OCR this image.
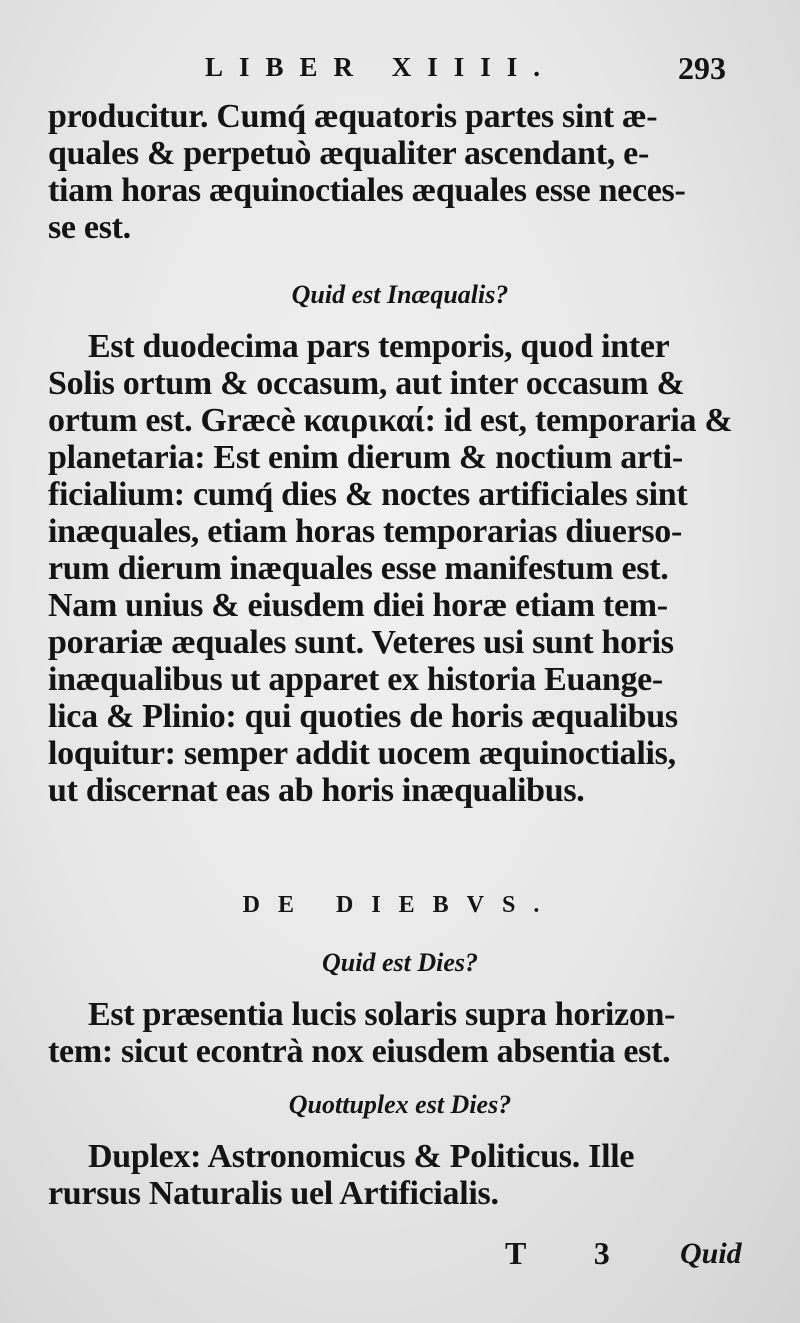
LIBER XIIII.	293
producitur. Cumq́ æquatoris partes sint æ-
quales & perpetuò æqualiter ascendant, e-
tiam horas æquinoctiales æquales esse neces-
se est.
Quid est Inæqualis?
Est duodecima pars temporis, quod inter
Solis ortum & occasum, aut inter occasum &
ortum est. Græcè καιρικαί: id est, temporaria &
planetaria: Est enim dierum & noctium arti-
ficialium: cumq́ dies & noctes artificiales sint
inæquales, etiam horas temporarias diuerso-
rum dierum inæquales esse manifestum est.
Nam unius & eiusdem diei horæ etiam tem-
porariæ æquales sunt. Veteres usi sunt horis
inæqualibus ut apparet ex historia Euange-
lica & Plinio: qui quoties de horis æqualibus
loquitur: semper addit uocem æquinoctialis,
ut discernat eas ab horis inæqualibus.
DE DIEBVS.
Quid est Dies?
Est præsentia lucis solaris supra horizon-
tem: sicut econtrà nox eiusdem absentia est.
Quottuplex est Dies?
Duplex: Astronomicus & Politicus. Ille
rursus Naturalis uel Artificialis.
T 3 Quid
